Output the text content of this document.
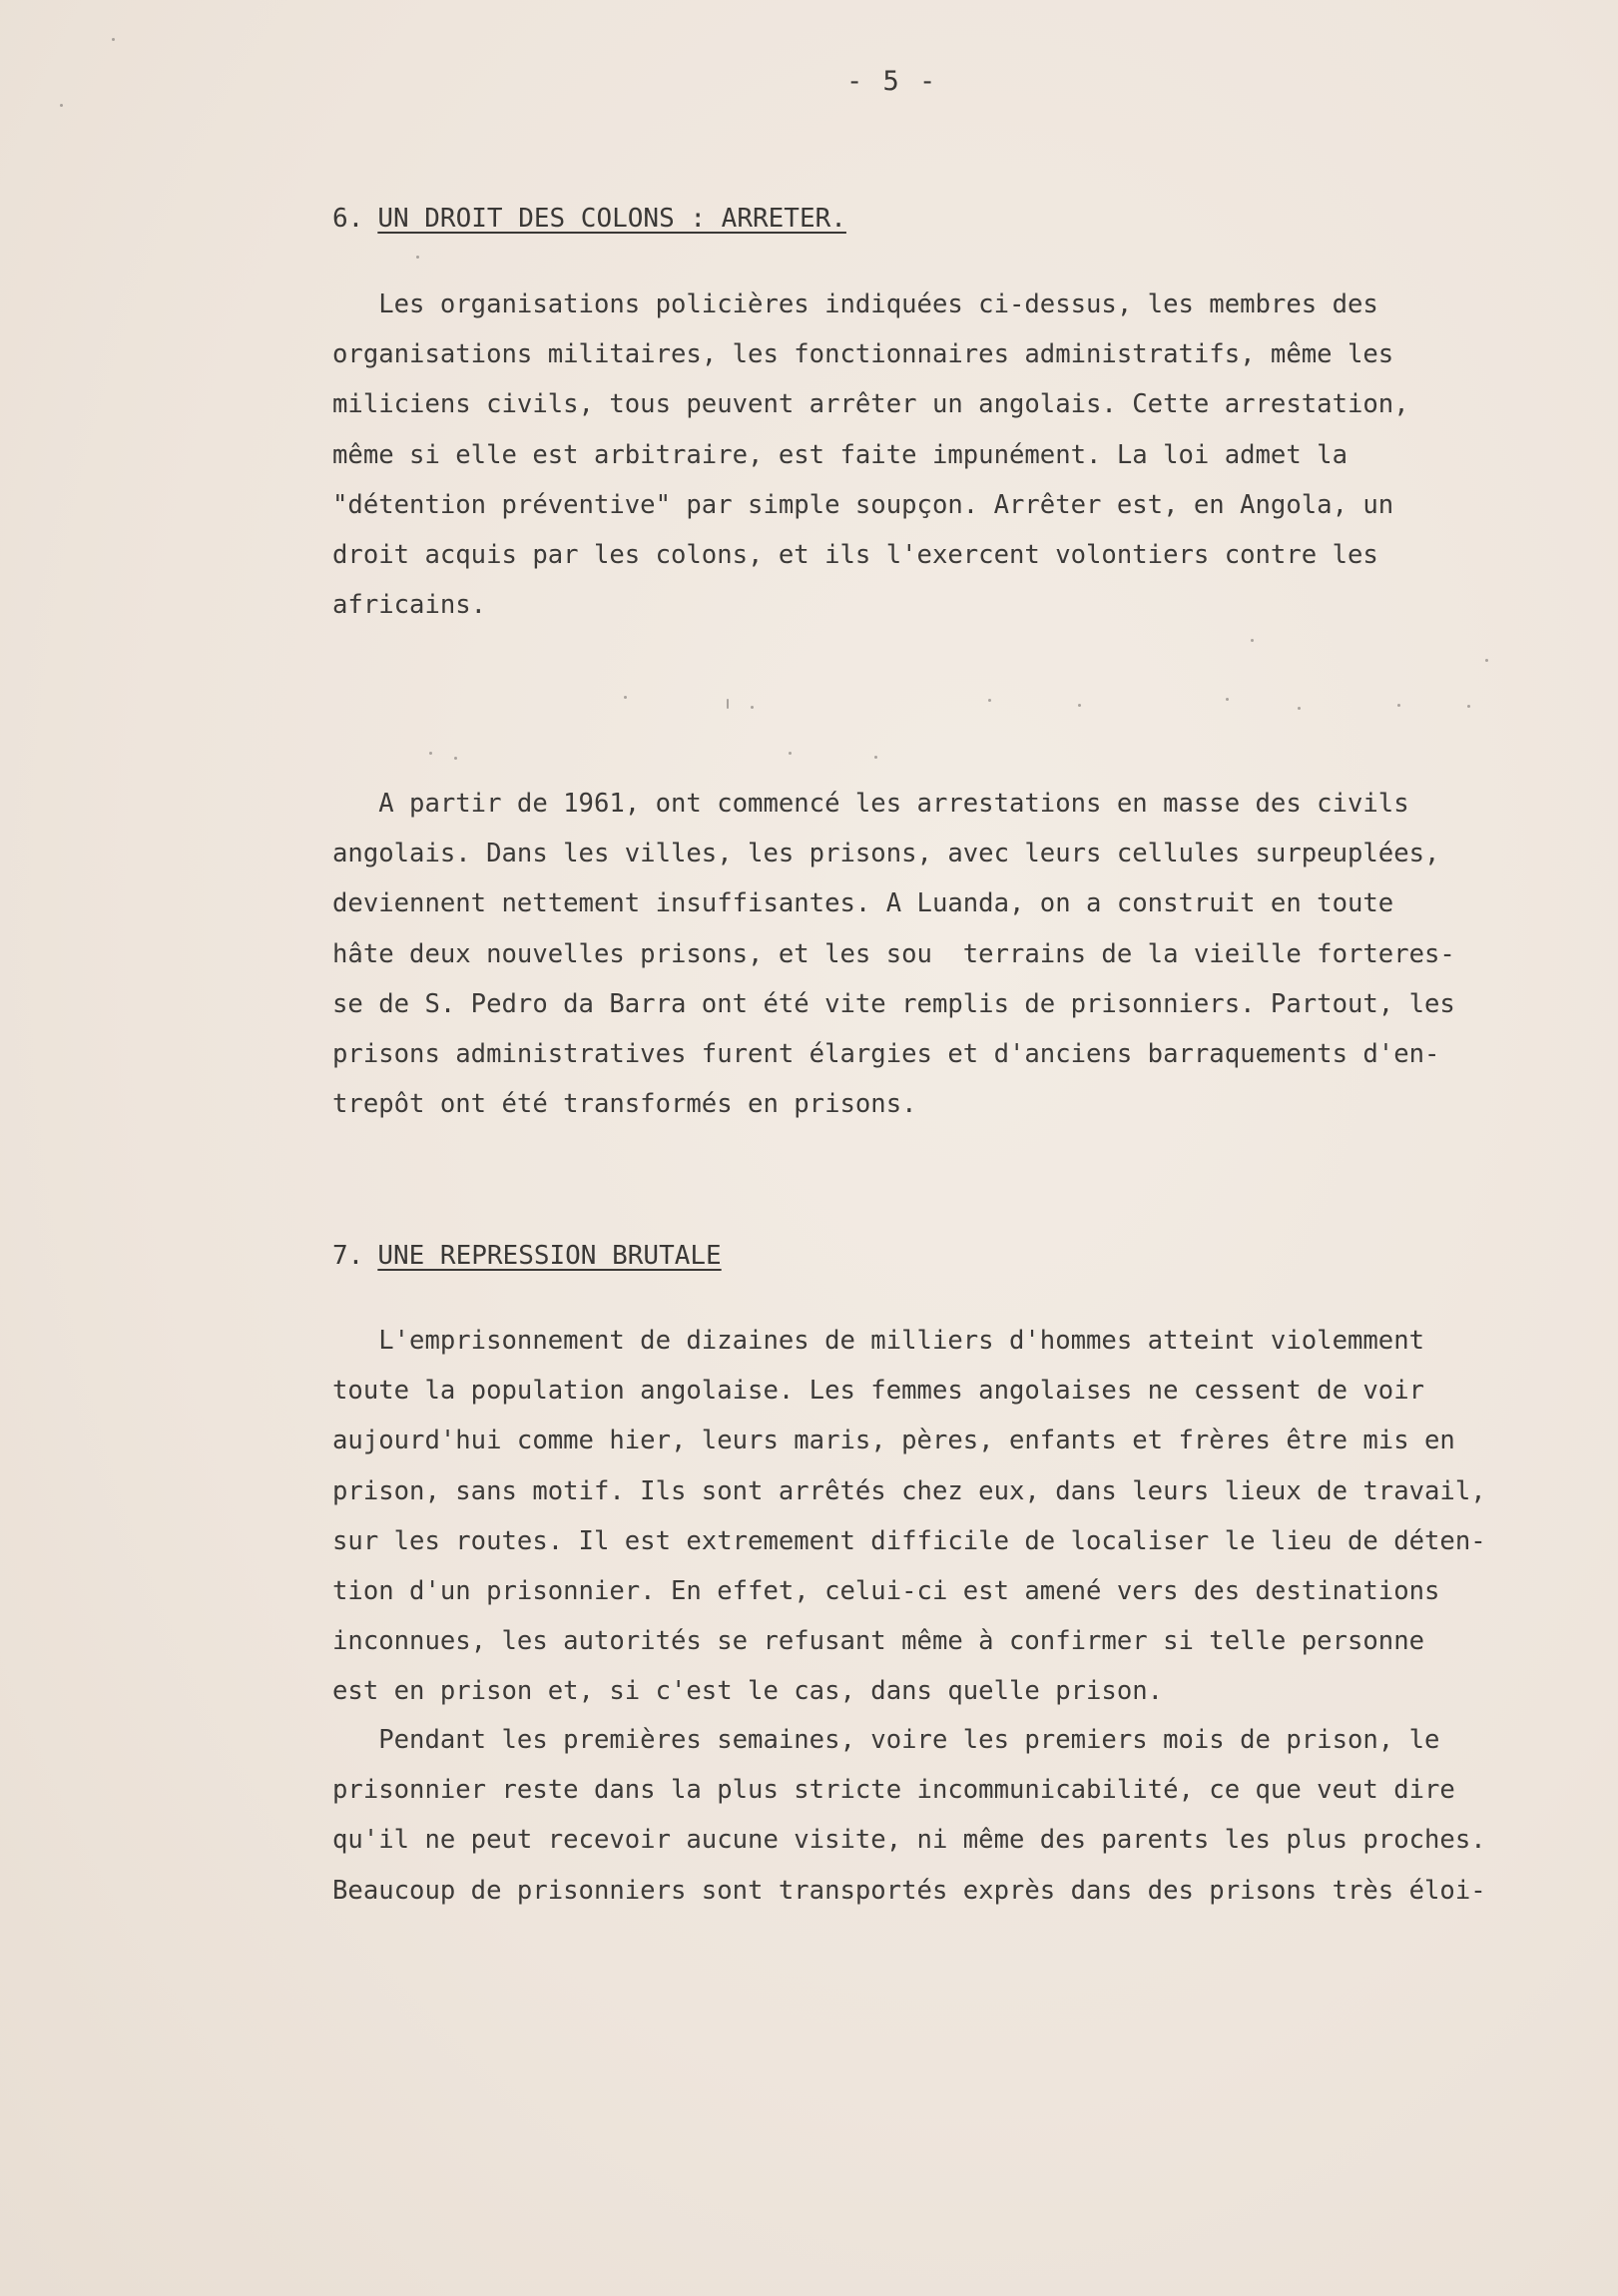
- 5 -
6. UN DROIT DES COLONS : ARRETER.
Les organisations policières indiquées ci-dessus, les membres des
organisations militaires, les fonctionnaires administratifs, même les
miliciens civils, tous peuvent arrêter un angolais. Cette arrestation,
même si elle est arbitraire, est faite impunément. La loi admet la
"détention préventive" par simple soupçon. Arrêter est, en Angola, un
droit acquis par les colons, et ils l'exercent volontiers contre les
africains.
A partir de 1961, ont commencé les arrestations en masse des civils
angolais. Dans les villes, les prisons, avec leurs cellules surpeuplées,
deviennent nettement insuffisantes. A Luanda, on a construit en toute
hâte deux nouvelles prisons, et les sou  terrains de la vieille forteres-
se de S. Pedro da Barra ont été vite remplis de prisonniers. Partout, les
prisons administratives furent élargies et d'anciens barraquements d'en-
trepôt ont été transformés en prisons.
7. UNE REPRESSION BRUTALE
L'emprisonnement de dizaines de milliers d'hommes atteint violemment
toute la population angolaise. Les femmes angolaises ne cessent de voir
aujourd'hui comme hier, leurs maris, pères, enfants et frères être mis en
prison, sans motif. Ils sont arrêtés chez eux, dans leurs lieux de travail,
sur les routes. Il est extremement difficile de localiser le lieu de déten-
tion d'un prisonnier. En effet, celui-ci est amené vers des destinations
inconnues, les autorités se refusant même à confirmer si telle personne
est en prison et, si c'est le cas, dans quelle prison.
Pendant les premières semaines, voire les premiers mois de prison, le
prisonnier reste dans la plus stricte incommunicabilité, ce que veut dire
qu'il ne peut recevoir aucune visite, ni même des parents les plus proches.
Beaucoup de prisonniers sont transportés exprès dans des prisons très éloi-
